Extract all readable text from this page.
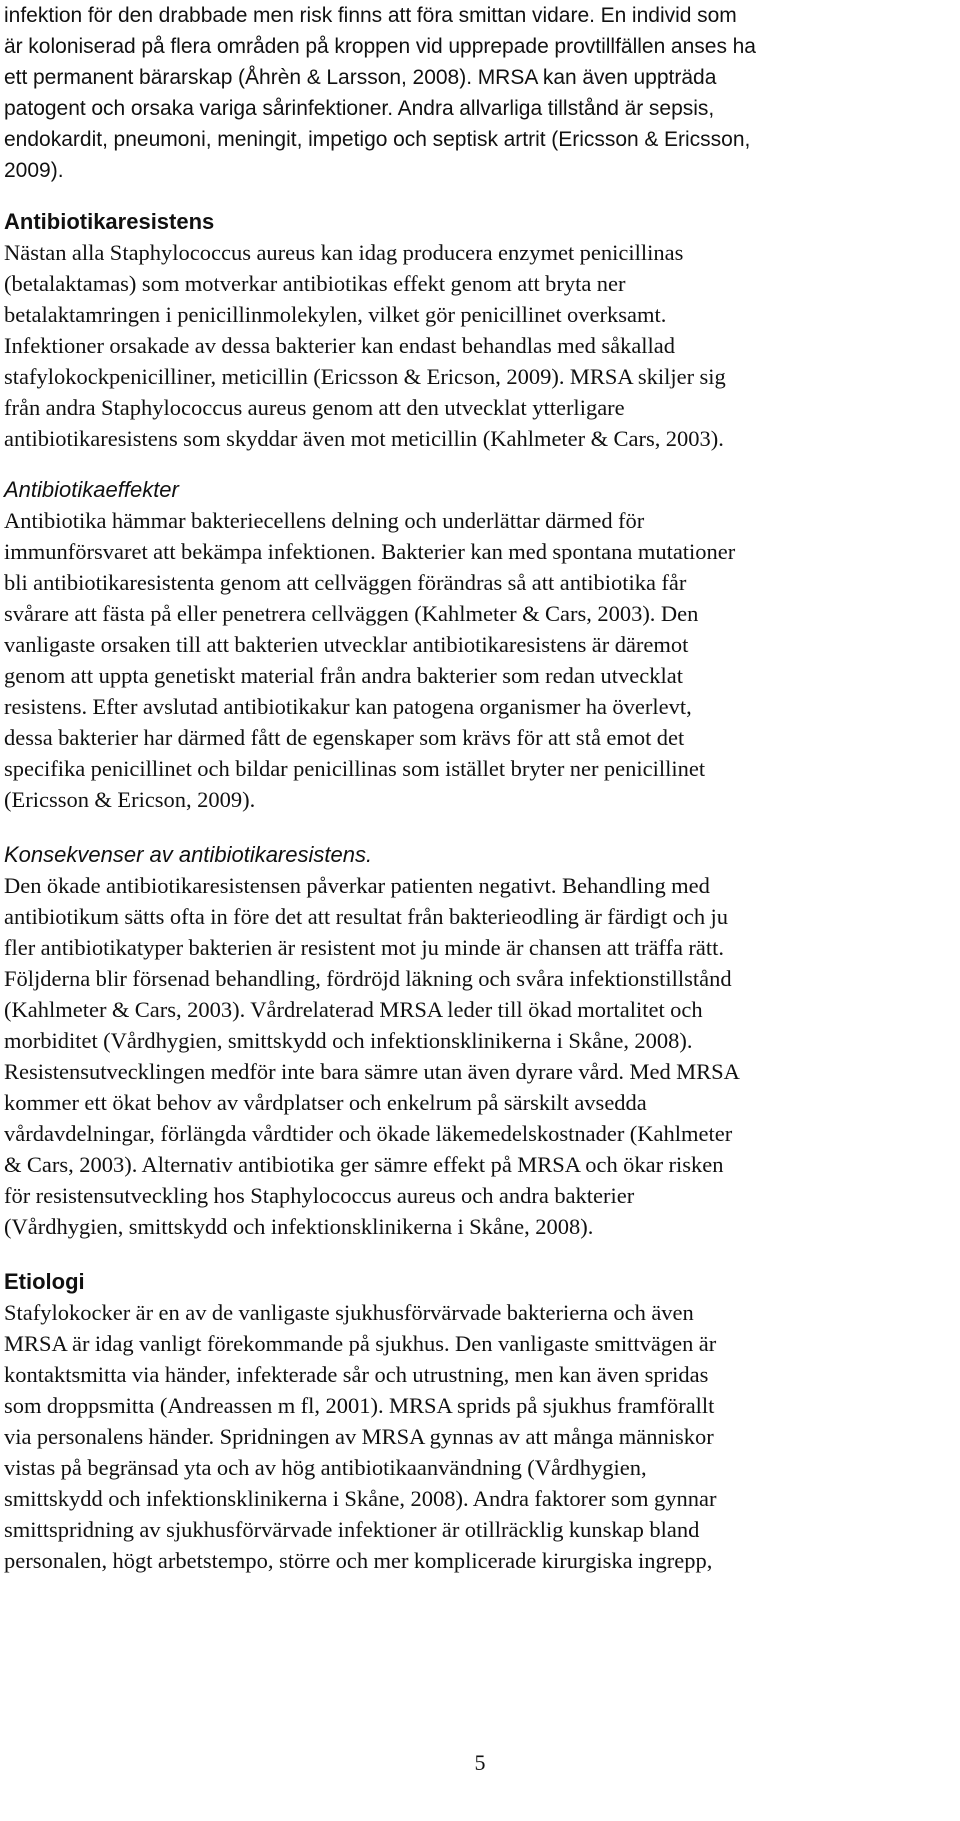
infektion för den drabbade men risk finns att föra smittan vidare. En individ som
är koloniserad på flera områden på kroppen vid upprepade provtillfällen anses ha
ett permanent bärarskap (Åhrèn & Larsson, 2008). MRSA kan även uppträda
patogent och orsaka variga sårinfektioner. Andra allvarliga tillstånd är sepsis,
endokardit, pneumoni, meningit, impetigo och septisk artrit (Ericsson & Ericsson,
2009).

Antibiotikaresistens

Nästan alla Staphylococcus aureus kan idag producera enzymet penicillinas
(betalaktamas) som motverkar antibiotikas effekt genom att bryta ner
betalaktamringen i penicillinmolekylen, vilket gör penicillinet overksamt.
Infektioner orsakade av dessa bakterier kan endast behandlas med såkallad
stafylokockpenicilliner, meticillin (Ericsson & Ericson, 2009). MRSA skiljer sig
från andra Staphylococcus aureus genom att den utvecklat ytterligare
antibiotikaresistens som skyddar även mot meticillin (Kahlmeter & Cars, 2003).

Antibiotikaeffekter

Antibiotika hämmar bakteriecellens delning och underlättar därmed för
immunförsvaret att bekämpa infektionen. Bakterier kan med spontana mutationer
bli antibiotikaresistenta genom att cellväggen förändras så att antibiotika får
svårare att fästa på eller penetrera cellväggen (Kahlmeter & Cars, 2003). Den
vanligaste orsaken till att bakterien utvecklar antibiotikaresistens är däremot
genom att uppta genetiskt material från andra bakterier som redan utvecklat
resistens. Efter avslutad antibiotikakur kan patogena organismer ha överlevt,
dessa bakterier har därmed fått de egenskaper som krävs för att stå emot det
specifika penicillinet och bildar penicillinas som istället bryter ner penicillinet
(Ericsson & Ericson, 2009).

Konsekvenser av antibiotikaresistens.

Den ökade antibiotikaresistensen påverkar patienten negativt. Behandling med
antibiotikum sätts ofta in före det att resultat från bakterieodling är färdigt och ju
fler antibiotikatyper bakterien är resistent mot ju minde är chansen att träffa rätt.
Följderna blir försenad behandling, fördröjd läkning och svåra infektionstillstånd
(Kahlmeter & Cars, 2003). Vårdrelaterad MRSA leder till ökad mortalitet och
morbiditet (Vårdhygien, smittskydd och infektionsklinikerna i Skåne, 2008).
Resistensutvecklingen medför inte bara sämre utan även dyrare vård. Med MRSA
kommer ett ökat behov av vårdplatser och enkelrum på särskilt avsedda
vårdavdelningar, förlängda vårdtider och ökade läkemedelskostnader (Kahlmeter
& Cars, 2003). Alternativ antibiotika ger sämre effekt på MRSA och ökar risken
för resistensutveckling hos Staphylococcus aureus och andra bakterier
(Vårdhygien, smittskydd och infektionsklinikerna i Skåne, 2008).

Etiologi

Stafylokocker är en av de vanligaste sjukhusförvärvade bakterierna och även
MRSA är idag vanligt förekommande på sjukhus. Den vanligaste smittvägen är
kontaktsmitta via händer, infekterade sår och utrustning, men kan även spridas
som droppsmitta (Andreassen m fl, 2001). MRSA sprids på sjukhus framförallt
via personalens händer. Spridningen av MRSA gynnas av att många människor
vistas på begränsad yta och av hög antibiotikaanvändning (Vårdhygien,
smittskydd och infektionsklinikerna i Skåne, 2008). Andra faktorer som gynnar
smittspridning av sjukhusförvärvade infektioner är otillräcklig kunskap bland
personalen, högt arbetstempo, större och mer komplicerade kirurgiska ingrepp,

5
